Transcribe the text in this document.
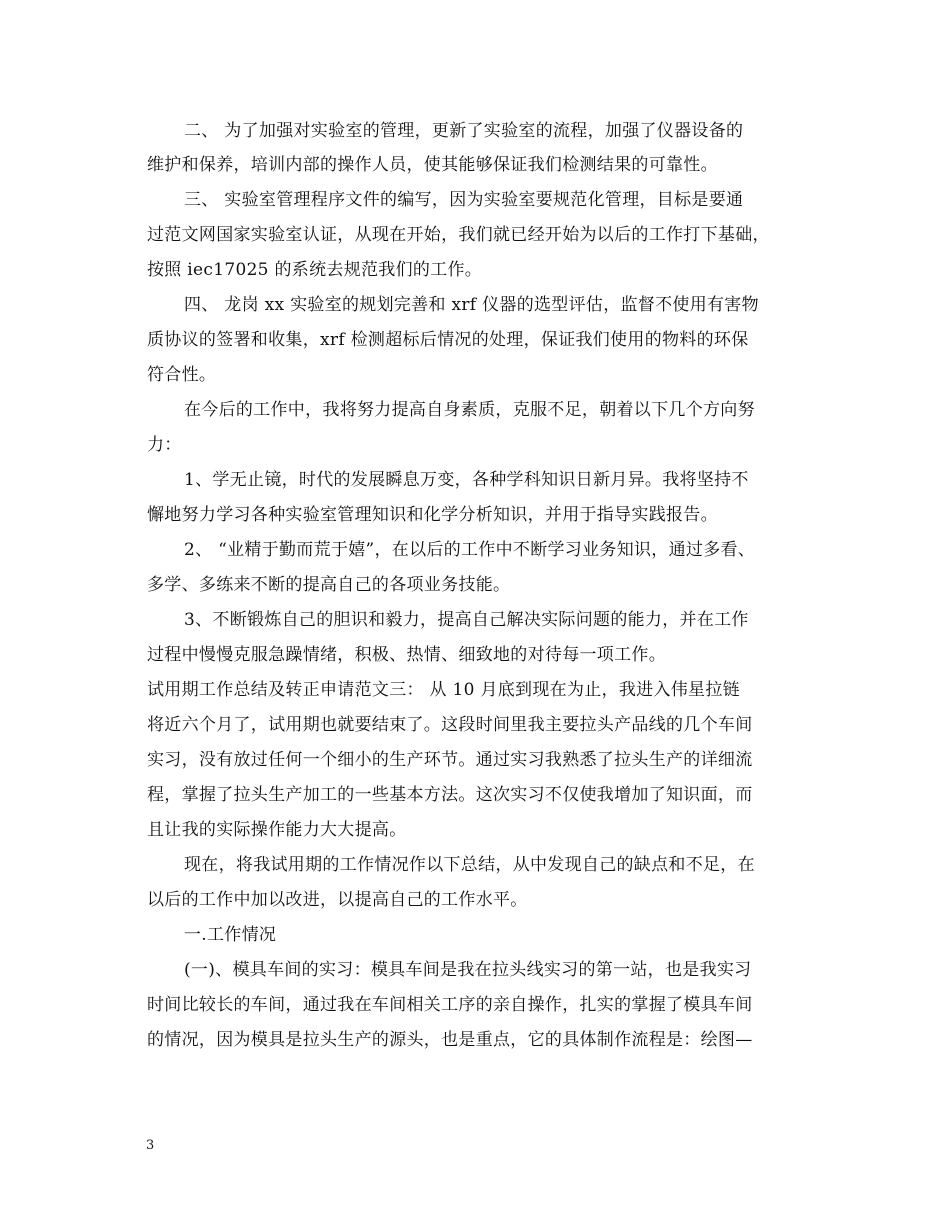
二、 为了加强对实验室的管理，更新了实验室的流程，加强了仪器设备的
维护和保养，培训内部的操作人员，使其能够保证我们检测结果的可靠性。
三、 实验室管理程序文件的编写，因为实验室要规范化管理，目标是要通
过范文网国家实验室认证，从现在开始，我们就已经开始为以后的工作打下基础，
按照 iec17025 的系统去规范我们的工作。
四、 龙岗 xx 实验室的规划完善和 xrf 仪器的选型评估，监督不使用有害物
质协议的签署和收集，xrf 检测超标后情况的处理，保证我们使用的物料的环保
符合性。
在今后的工作中，我将努力提高自身素质，克服不足，朝着以下几个方向努
力：
1、学无止镜，时代的发展瞬息万变，各种学科知识日新月异。我将坚持不
懈地努力学习各种实验室管理知识和化学分析知识，并用于指导实践报告。
2、 “业精于勤而荒于嬉”，在以后的工作中不断学习业务知识，通过多看、
多学、多练来不断的提高自己的各项业务技能。
3、不断锻炼自己的胆识和毅力，提高自己解决实际问题的能力，并在工作
过程中慢慢克服急躁情绪，积极、热情、细致地的对待每一项工作。
试用期工作总结及转正申请范文三： 从 10 月底到现在为止，我进入伟星拉链
将近六个月了，试用期也就要结束了。这段时间里我主要拉头产品线的几个车间
实习，没有放过任何一个细小的生产环节。通过实习我熟悉了拉头生产的详细流
程，掌握了拉头生产加工的一些基本方法。这次实习不仅使我增加了知识面，而
且让我的实际操作能力大大提高。
现在，将我试用期的工作情况作以下总结，从中发现自己的缺点和不足，在
以后的工作中加以改进，以提高自己的工作水平。
一.工作情况
(一)、模具车间的实习：模具车间是我在拉头线实习的第一站，也是我实习
时间比较长的车间，通过我在车间相关工序的亲自操作，扎实的掌握了模具车间
的情况，因为模具是拉头生产的源头，也是重点，它的具体制作流程是：绘图—
3
